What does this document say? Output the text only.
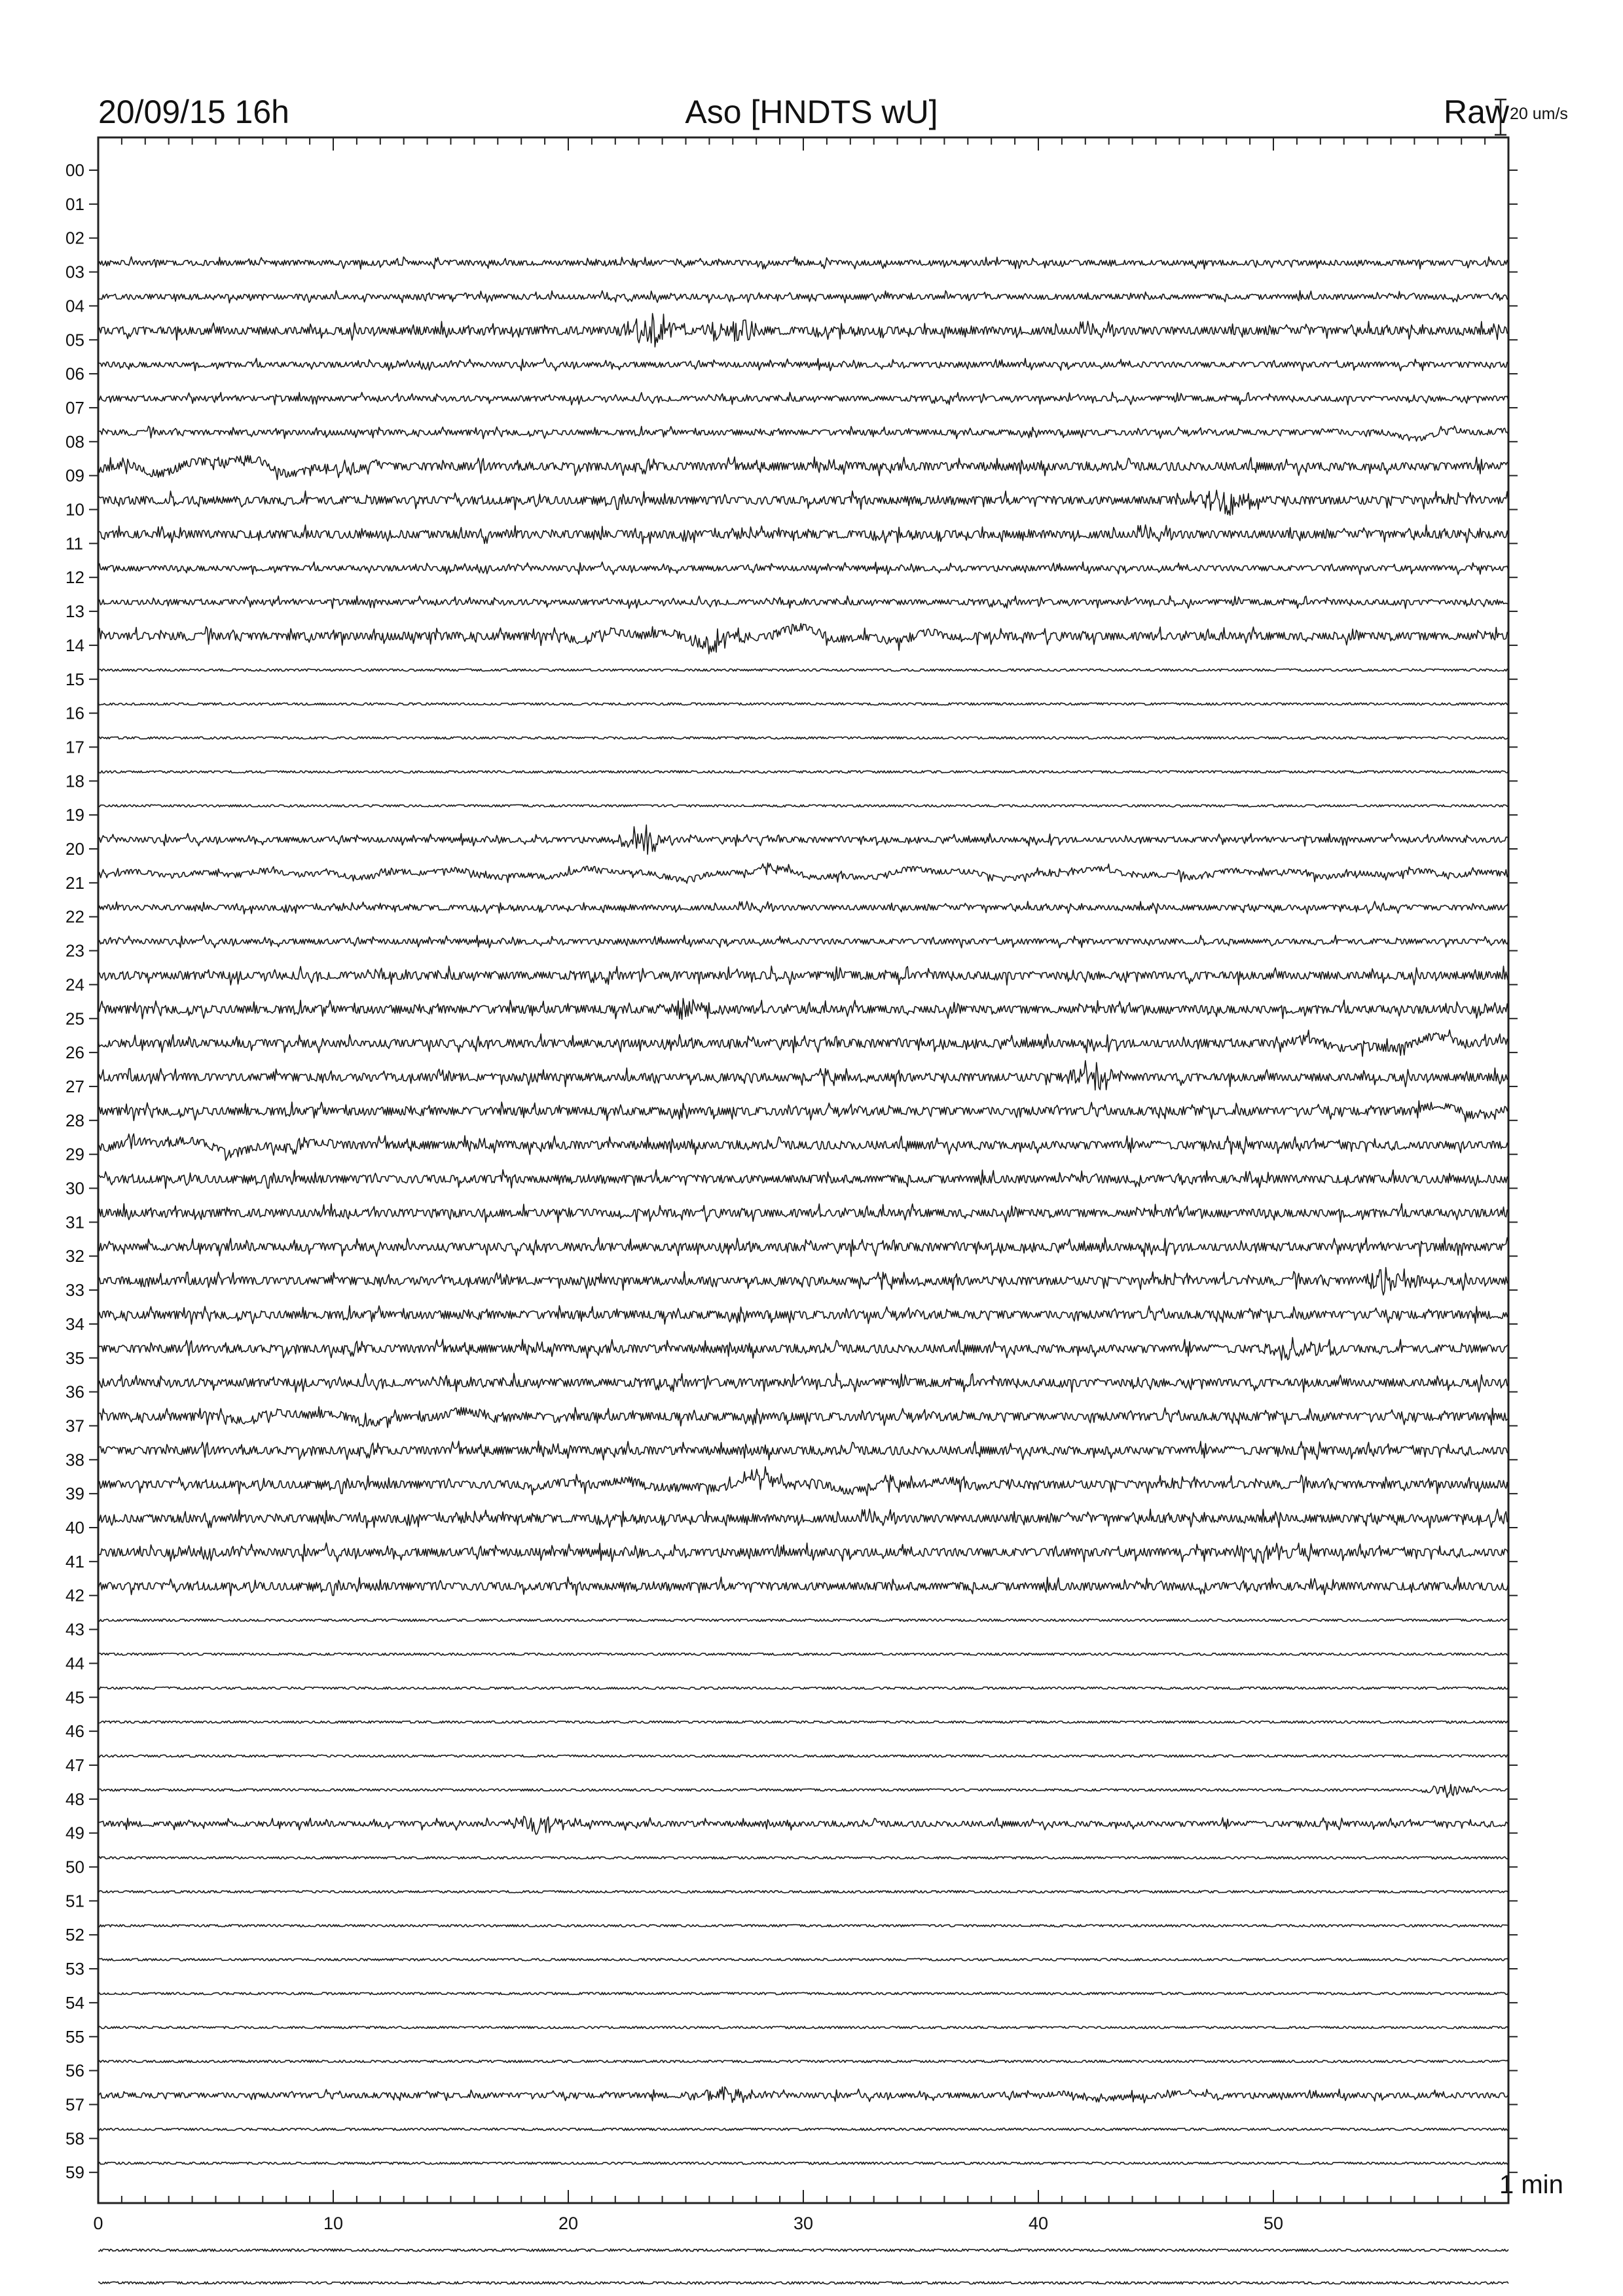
20/09/15 16h	Aso [HNDTS wU]	Raw 20 um/s
1 min
00
01
02
03
04
05
06
07
08
09
10
11
12
13
14
15
16
17
18
19
20
21
22
23
24
25
26
27
28
29
30
31
32
33
34
35
36
37
38
39
40
41
42
43
44
45
46
47
48
49
50
51
52
53
54
55
56
57
58
59
0	10	20	30	40	50
